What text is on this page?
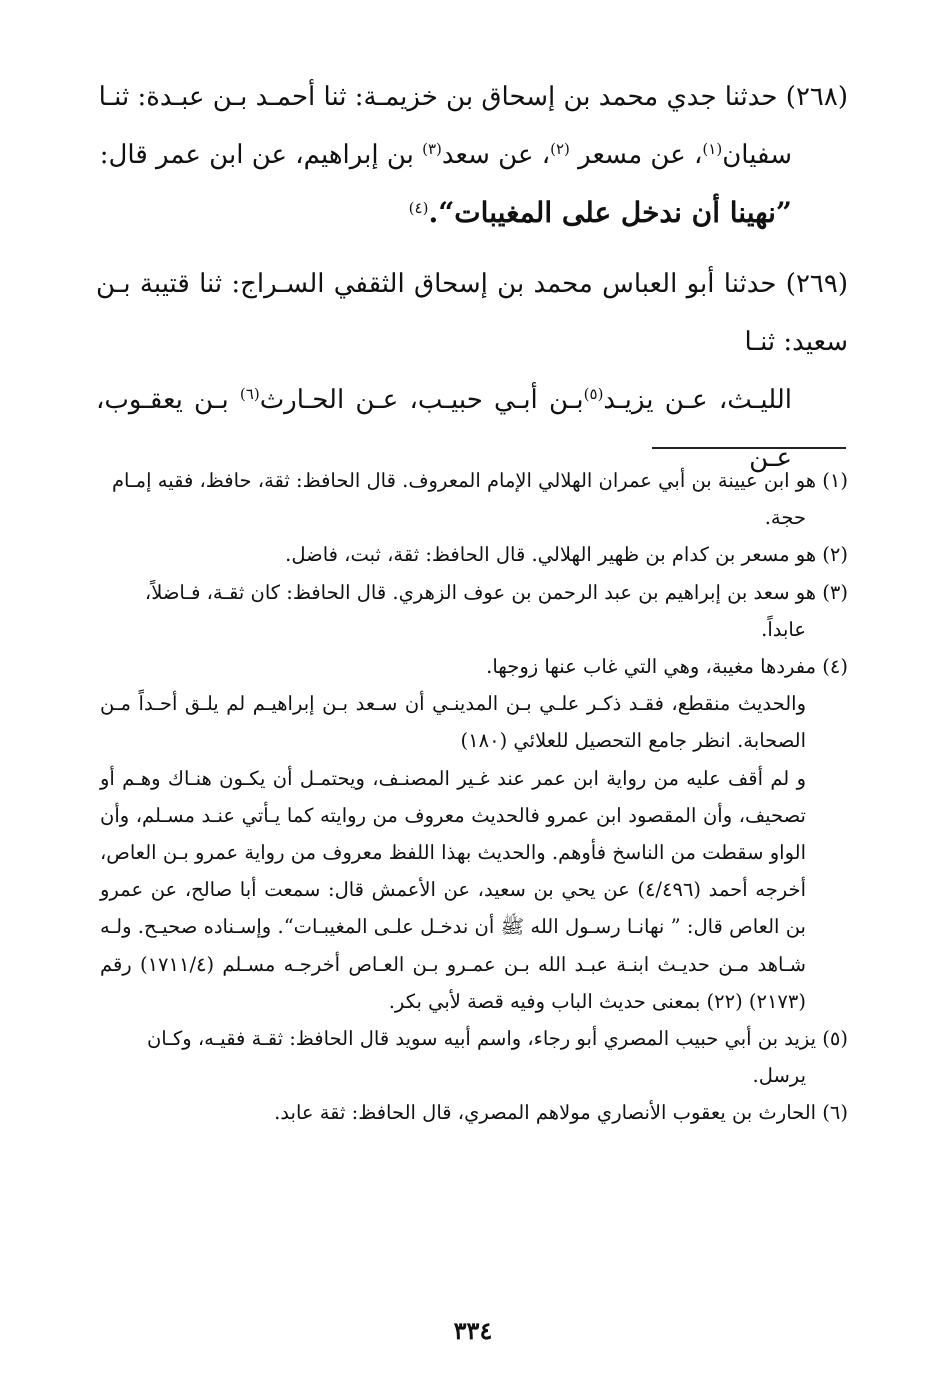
(٢٦٨) حدثنا جدي محمد بن إسحاق بن خزيمـة: ثنا أحمـد بـن عبـدة: ثنـا
سفيان$^{(١)}$، عن مسعر $^{(٢)}$، عن سعد$^{(٣)}$ بن إبراهيم، عن ابن عمر قال:
”نهينا أن ندخل على المغيبات“.$^{(٤)}$

(٢٦٩) حدثنا أبو العباس محمد بن إسحاق الثقفي السـراج: ثنا قتيبة بـن سعيد: ثنـا
الليـث، عـن يزيـد$^{(٥)}$بـن أبـي حبيـب، عـن الحـارث$^{(٦)}$ بـن يعقـوب، عـن

(١) هو ابن عيينة بن أبي عمران الهلالي الإمام المعروف. قال الحافظ: ثقة، حافظ، فقيه إمـام
حجة.

(٢) هو مسعر بن كدام بن ظهير الهلالي. قال الحافظ: ثقة، ثبت، فاضل.

(٣) هو سعد بن إبراهيم بن عبد الرحمن بن عوف الزهري. قال الحافظ: كان ثقـة، فـاضلاً،
عابداً.

(٤) مفردها مغيبة، وهي التي غاب عنها زوجها.

والحديث منقطع، فقـد ذكـر علـي بـن المدينـي أن سـعد بـن إبراهيـم لم يلـق أحـداً مـن الصحابة. انظر جامع التحصيل للعلائي (١٨٠)

و لم أقف عليه من رواية ابن عمر عند غـير المصنـف، ويحتمـل أن يكـون هنـاك وهـم أو تصحيف، وأن المقصود ابن عمرو فالحديث معروف من روايته كما يـأتي عنـد مسـلم، وأن الواو سقطت من الناسخ فأوهم. والحديث بهذا اللفظ معروف من رواية عمرو بـن العاص، أخرجه أحمد (٤/٤٩٦) عن يحي بن سعيد، عن الأعمش قال: سمعت أبا صالح، عن عمرو بن العاص قال: ” نهانـا رسـول الله ﷺ أن ندخـل علـى المغيبـات“. وإسـناده صحيـح. ولـه شـاهد مـن حديـث ابنـة عبـد الله بـن عمـرو بـن العـاص أخرجـه مسـلم (١٧١١/٤) رقم (٢١٧٣) (٢٢) بمعنى حديث الباب وفيه قصة لأبي بكر.

(٥) يزيد بن أبي حبيب المصري أبو رجاء، واسم أبيه سويد قال الحافظ: ثقـة فقيـه، وكـان
يرسل.

(٦) الحارث بن يعقوب الأنصاري مولاهم المصري، قال الحافظ: ثقة عابد.

٣٣٤
